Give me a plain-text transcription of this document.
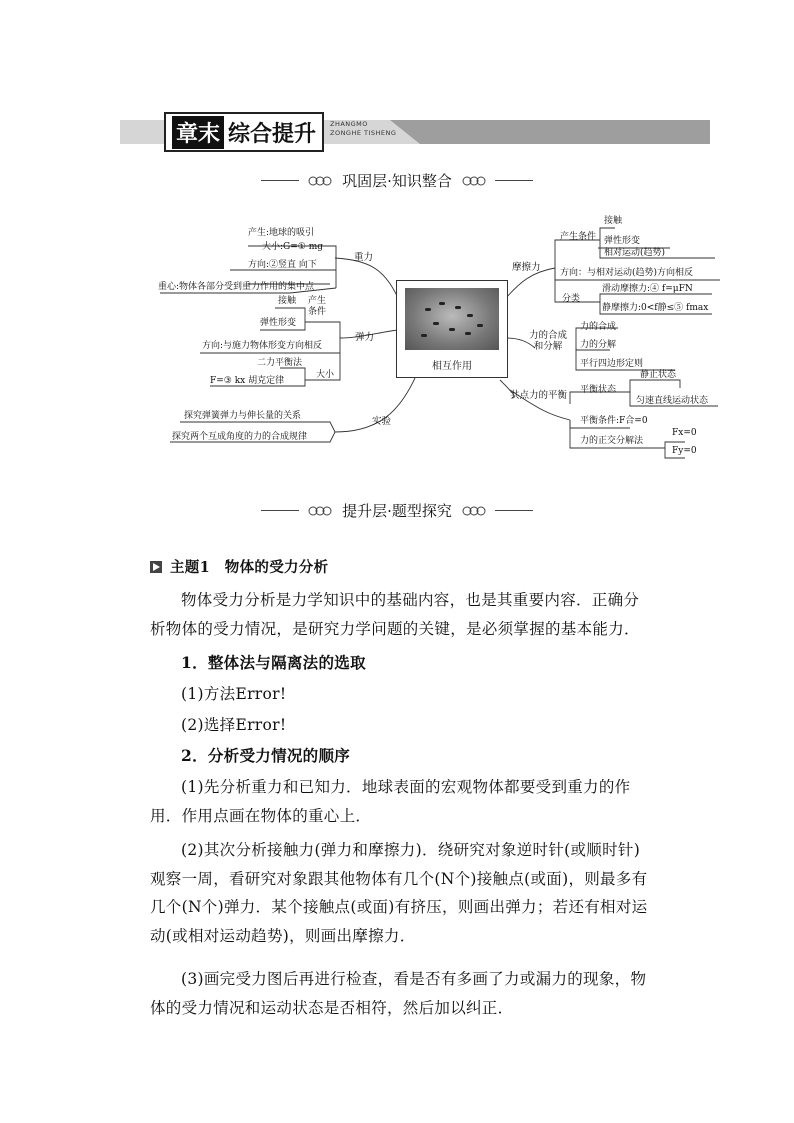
章末 综合提升 ZHANGMO
ZONGHE TISHENG
巩固层·知识整合
产生:地球的吸引
大小:G=① mg
方向:②竖直 向下
重心:物体各部分受到重力作用的集中点
重力
接触
弹性形变
产生条件
方向:与施力物体形变方向相反
二力平衡法
F=③ kx 胡克定律
大小
弹力
探究弹簧弹力与伸长量的关系
探究两个互成角度的力的合成规律
实验
相互作用
摩擦力
产生条件
接触
弹性形变
相对运动(趋势)
方向：与相对运动(趋势)方向相反
分类
滑动摩擦力:④ f=μFN
静摩擦力:0<f静≤⑤ fmax
力的合成和分解
力的合成
力的分解
平行四边形定则
共点力的平衡 平衡状态
静止状态
匀速直线运动状态
平衡条件:F合=0
力的正交分解法
Fx=0
Fy=0
提升层·题型探究
主题1　物体的受力分析
物体受力分析是力学知识中的基础内容，也是其重要内容．正确分析物体的受力情况，是研究力学问题的关键，是必须掌握的基本能力．
1．整体法与隔离法的选取
(1)方法Error!
(2)选择Error!
2．分析受力情况的顺序
(1)先分析重力和已知力．地球表面的宏观物体都要受到重力的作用．作用点画在物体的重心上．
(2)其次分析接触力(弹力和摩擦力)．绕研究对象逆时针(或顺时针)观察一周，看研究对象跟其他物体有几个(N个)接触点(或面)，则最多有几个(N个)弹力．某个接触点(或面)有挤压，则画出弹力；若还有相对运动(或相对运动趋势)，则画出摩擦力．
(3)画完受力图后再进行检查，看是否有多画了力或漏力的现象，物体的受力情况和运动状态是否相符，然后加以纠正．
